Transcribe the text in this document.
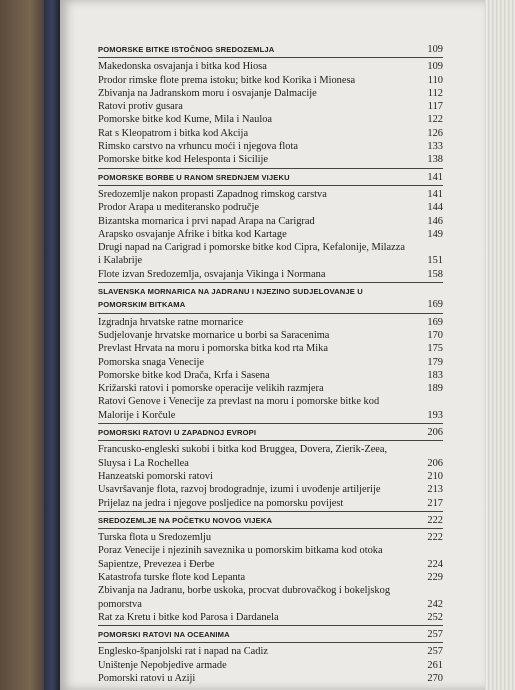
POMORSKE BITKE ISTOČNOG SREDOZEMLJA	109
Makedonska osvajanja i bitka kod Hiosa	109
Prodor rimske flote prema istoku; bitke kod Korika i Mionesa	110
Zbivanja na Jadranskom moru i osvajanje Dalmacije	112
Ratovi protiv gusara	117
Pomorske bitke kod Kume, Mila i Nauloa	122
Rat s Kleopatrom i bitka kod Akcija	126
Rimsko carstvo na vrhuncu moći i njegova flota	133
Pomorske bitke kod Helesponta i Sicilije	138
POMORSKE BORBE U RANOM SREDNJEM VIJEKU	141
Sredozemlje nakon propasti Zapadnog rimskog carstva	141
Prodor Arapa u mediteransko područje	144
Bizantska mornarica i prvi napad Arapa na Carigrad	146
Arapsko osvajanje Afrike i bitka kod Kartage	149
Drugi napad na Carigrad i pomorske bitke kod Cipra, Kefalonije, Milazza i Kalabrije	151
Flote izvan Sredozemlja, osvajanja Vikinga i Normana	158
SLAVENSKA MORNARICA NA JADRANU I NJEZINO SUDJELOVANJE U POMORSKIM BITKAMA	169
Izgradnja hrvatske ratne mornarice	169
Sudjelovanje hrvatske mornarice u borbi sa Saracenima	170
Prevlast Hrvata na moru i pomorska bitka kod rta Mika	175
Pomorska snaga Venecije	179
Pomorske bitke kod Drača, Krfa i Sasena	183
Križarski ratovi i pomorske operacije velikih razmjera	189
Ratovi Genove i Venecije za prevlast na moru i pomorske bitke kod Malorije i Korčule	193
POMORSKI RATOVI U ZAPADNOJ EVROPI	206
Francusko-engleski sukobi i bitka kod Bruggea, Dovera, Zierik-Zeea, Sluysa i La Rochellea	206
Hanzeatski pomorski ratovi	210
Usavršavanje flota, razvoj brodogradnje, izumi i uvođenje artiljerije	213
Prijelaz na jedra i njegove posljedice na pomorsku povijest	217
SREDOZEMLJE NA POČETKU NOVOG VIJEKA	222
Turska flota u Sredozemlju	222
Poraz Venecije i njezinih saveznika u pomorskim bitkama kod otoka Sapientze, Prevezea i Đerbe	224
Katastrofa turske flote kod Lepanta	229
Zbivanja na Jadranu, borbe uskoka, procvat dubrovačkog i bokeljskog pomorstva	242
Rat za Kretu i bitke kod Parosa i Dardanela	252
POMORSKI RATOVI NA OCEANIMA	257
Englesko-španjolski rat i napad na Cadiz	257
Uništenje Nepobjedive armade	261
Pomorski ratovi u Aziji	270
